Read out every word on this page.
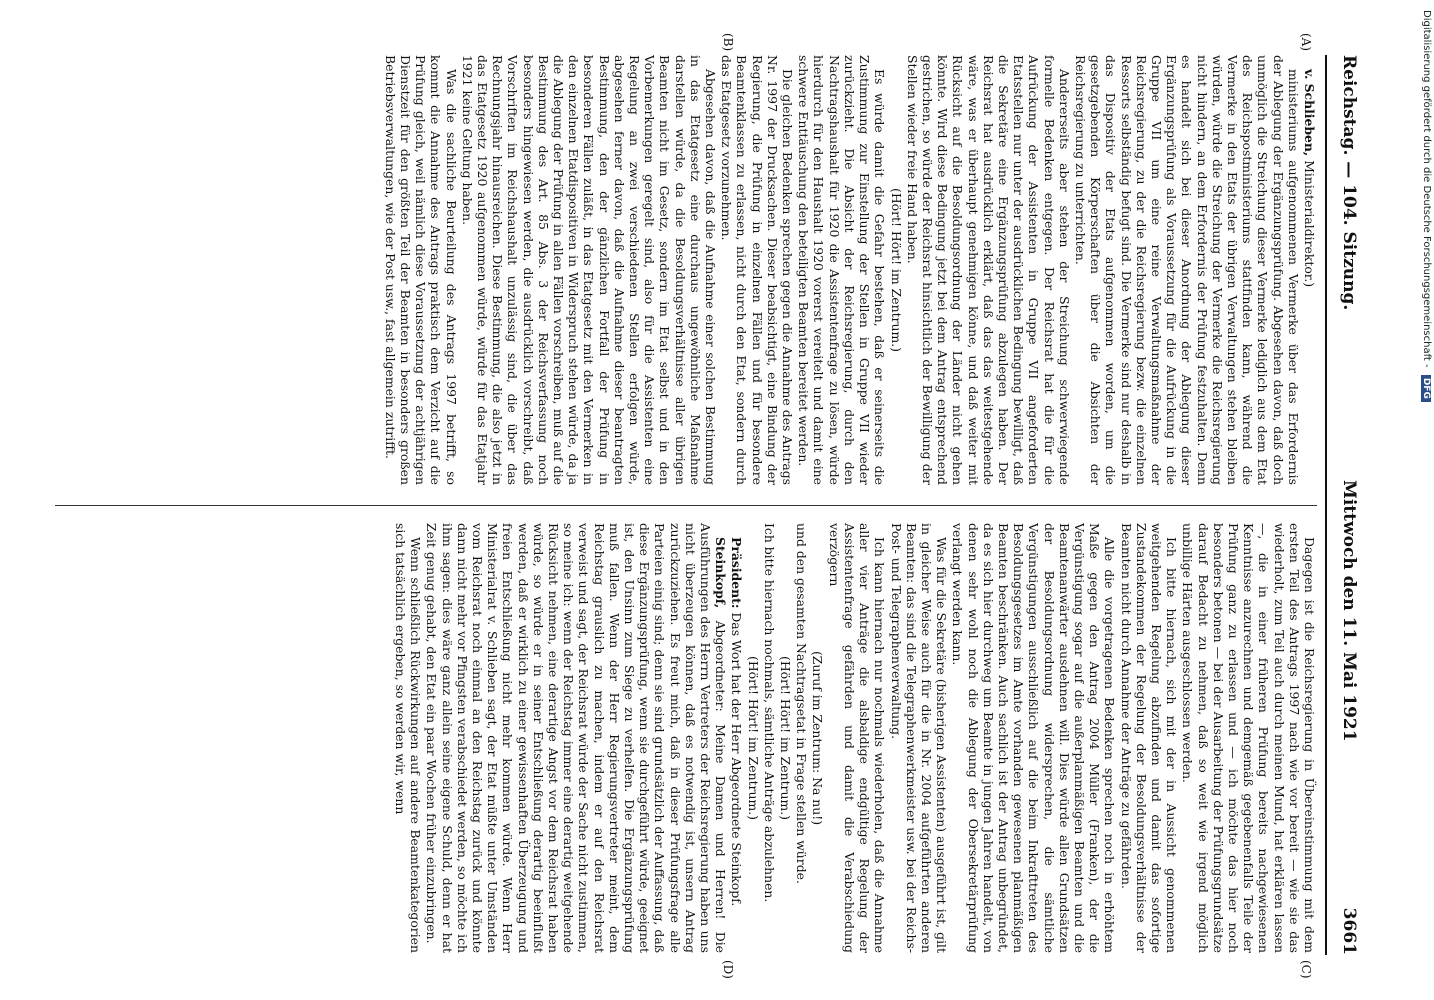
Reichstag. — 104. Sitzung.
Mittwoch den 11. Mai 1921
3661
(A)
(B)
(C)
(D)

v. Schlieben, Ministerialdirektor.)

ministeriums aufgenommenen Vermerke über das Erfordernis der Ablegung der Ergänzungsprüfung. Abgesehen davon, daß doch unmöglich die Streichung dieser Vermerke lediglich aus dem Etat des Reichspostministeriums stattfinden kann, während die Vermerke in den Etats der übrigen Verwaltungen stehen bleiben würden, würde die Streichung der Vermerke die Reichsregierung nicht hindern, an dem Erfordernis der Prüfung festzuhalten. Denn es handelt sich bei dieser Anordnung der Ablegung dieser Ergänzungsprüfung als Voraussetzung für die Aufrückung in die Gruppe VII um eine reine Verwaltungsmaßnahme der Reichsregierung, zu der die Reichsregierung bezw. die einzelnen Ressorts selbständig befugt sind. Die Vermerke sind nur deshalb in das Dispositiv der Etats aufgenommen worden, um die gesetzgebenden Körperschaften über die Absichten der Reichsregierung zu unterrichten.

Andererseits aber stehen der Streichung schwerwiegende formelle Bedenken entgegen. Der Reichsrat hat die für die Aufrückung der Assistenten in Gruppe VII angeforderten Etatsstellen nur unter der ausdrücklichen Bedingung bewilligt, daß die Sekretäre eine Ergänzungsprüfung abzulegen haben. Der Reichsrat hat ausdrücklich erklärt, daß das das weitestgehende wäre, was er überhaupt genehmigen könne, und daß weiter mit Rücksicht auf die Besoldungsordnung der Länder nicht gehen könnte. Wird diese Bedingung jetzt bei dem Antrag entsprechend gestrichen, so würde der Reichsrat hinsichtlich der Bewilligung der Stellen wieder freie Hand haben.

(Hört! Hört! im Zentrum.)

Es würde damit die Gefahr bestehen, daß er seinerseits die Zustimmung zur Einstellung der Stellen in Gruppe VII wieder zurückzieht. Die Absicht der Reichsregierung, durch den Nachtragshaushalt für 1920 die Assistentenfrage zu lösen, würde hierdurch für den Haushalt 1920 vorerst vereitelt und damit eine schwere Enttäuschung den beteiligten Beamten bereitet werden.

Die gleichen Bedenken sprechen gegen die Annahme des Antrags Nr. 1997 der Drucksachen. Dieser beabsichtigt, eine Bindung der Regierung, die Prüfung in einzelnen Fällen und für besondere Beamtenklassen zu erlassen, nicht durch den Etat, sondern durch das Etatgesetz vorzunehmen.

Abgesehen davon, daß die Aufnahme einer solchen Bestimmung in das Etatgesetz eine durchaus ungewöhnliche Maßnahme darstellen würde, da die Besoldungsverhältnisse aller übrigen Beamten nicht im Gesetz, sondern im Etat selbst und in den Vorbemerkungen geregelt sind, also für die Assistenten eine Regelung an zwei verschiedenen Stellen erfolgen würde, abgesehen ferner davon, daß die Aufnahme dieser beantragten Bestimmung, den der gänzlichen Fortfall der Prüfung in besonderen Fällen zuläßt, in das Etatgesetz mit den Vermerken in den einzelnen Etatdispositiven in Widerspruch stehen würde, da ja die Ablegung der Prüfung in allen Fällen vorschreiben, muß auf die Bestimmung des Art. 85 Abs. 3 der Reichsverfassung noch besonders hingewiesen werden, die ausdrücklich vorschreibt, daß Vorschriften im Reichshaushalt unzulässig sind, die über das Rechnungsjahr hinausreichen. Diese Bestimmung, die also jetzt in das Etatgesetz 1920 aufgenommen würde, würde für das Etatjahr 1921 keine Geltung haben.

Was die sachliche Beurteilung des Antrags 1997 betrifft, so kommt die Annahme des Antrags praktisch dem Verzicht auf die Prüfung gleich, weil nämlich diese Voraussetzung der achtjährigen Dienstzeit für den größten Teil der Beamten in besonders großen Betriebsverwaltungen, wie der Post usw., fast allgemein zutrifft.

Dagegen ist die Reichsregierung in Übereinstimmung mit dem ersten Teil des Antrags 1997 nach wie vor bereit — wie sie das wiederholt, zum Teil auch durch meinen Mund, hat erklären lassen —, die in einer früheren Prüfung bereits nachgewiesenen Kenntnisse anzurechnen und demgemäß gegebenenfalls Teile der Prüfung ganz zu erlassen und — ich möchte das hier noch besonders betonen — bei der Ausarbeitung der Prüfungsgrundsätze darauf Bedacht zu nehmen, daß so weit wie irgend möglich unbillige Härten ausgeschlossen werden.

Ich bitte hiernach, sich mit der in Aussicht genommenen weitgehenden Regelung abzufinden und damit das sofortige Zustandekommen der Regelung der Besoldungsverhältnisse der Beamten nicht durch Annahme der Anträge zu gefährden.

Alle die vorgetragenen Bedenken sprechen noch in erhöhtem Maße gegen den Antrag 2004 Müller (Franken), der die Vergünstigung sogar auf die außerplanmäßigen Beamten und die Beamtenanwärter ausdehnen will. Dies würde allen Grundsätzen der Besoldungsordnung widersprechen, die sämtliche Vergünstigungen ausschließlich auf die beim Inkrafttreten des Besoldungsgesetzes im Amte vorhanden gewesenen planmäßigen Beamten beschränken. Auch sachlich ist der Antrag unbegründet, da es sich hier durchweg um Beamte in jungen Jahren handelt, von denen sehr wohl noch die Ablegung der Obersekretärprüfung verlangt werden kann.

Was für die Sekretäre (bisherigen Assistenten) ausgeführt ist, gilt in gleicher Weise auch für die in Nr. 2004 aufgeführten anderen Beamten: das sind die Telegraphenwerkmeister usw. bei der Reichs-Post- und Telegraphenverwaltung.

Ich kann hiernach nur nochmals wiederholen, daß die Annahme aller vier Anträge die alsbaldige endgültige Regelung der Assistentenfrage gefährden und damit die Verabschiedung verzögern

(Zuruf im Zentrum: Na nu!)

und den gesamten Nachtragsetat in Frage stellen würde.

(Hört! Hört! im Zentrum.)

Ich bitte hiernach nochmals, sämtliche Anträge abzulehnen.

(Hört! Hört! im Zentrum.)

Präsident: Das Wort hat der Herr Abgeordnete Steinkopf.

Steinkopf, Abgeordneter: Meine Damen und Herren! Die Ausführungen des Herrn Vertreters der Reichsregierung haben uns nicht überzeugen können, daß es notwendig ist, unsern Antrag zurückzuziehen. Es freut mich, daß in dieser Prüfungsfrage alle Parteien einig sind; denn sie sind grundsätzlich der Auffassung, daß diese Ergänzungsprüfung, wenn sie durchgeführt würde, geeignet ist, den Unsinn zum Siege zu verhelfen. Die Ergänzungsprüfung muß fallen. Wenn der Herr Regierungsvertreter meint, dem Reichstag grauslich zu machen, indem er auf den Reichsrat verweist und sagt, der Reichsrat würde der Sache nicht zustimmen, so meine ich: wenn der Reichstag immer eine derartig weitgehende Rücksicht nehmen, eine derartige Angst vor dem Reichsrat haben würde, so würde er in seiner Entschließung derartig beeinflußt werden, daß er wirklich zu einer gewissenhaften Überzeugung und freien Entschließung nicht mehr kommen würde. Wenn Herr Ministerialrat v. Schlieben sagt, der Etat müßte unter Umständen vom Reichsrat noch einmal an den Reichstag zurück und könnte dann nicht mehr vor Pfingsten verabschiedet werden, so möchte ich ihm sagen: dies wäre ganz allein seine eigene Schuld, denn er hat Zeit genug gehabt, den Etat ein paar Wochen früher einzubringen.

Wenn schließlich Rückwirkungen auf andere Beamtenkategorien sich tatsächlich ergeben, so werden wir, wenn

Digitalisierung gefördert durch die Deutsche Forschungsgemeinschaft - DFG
